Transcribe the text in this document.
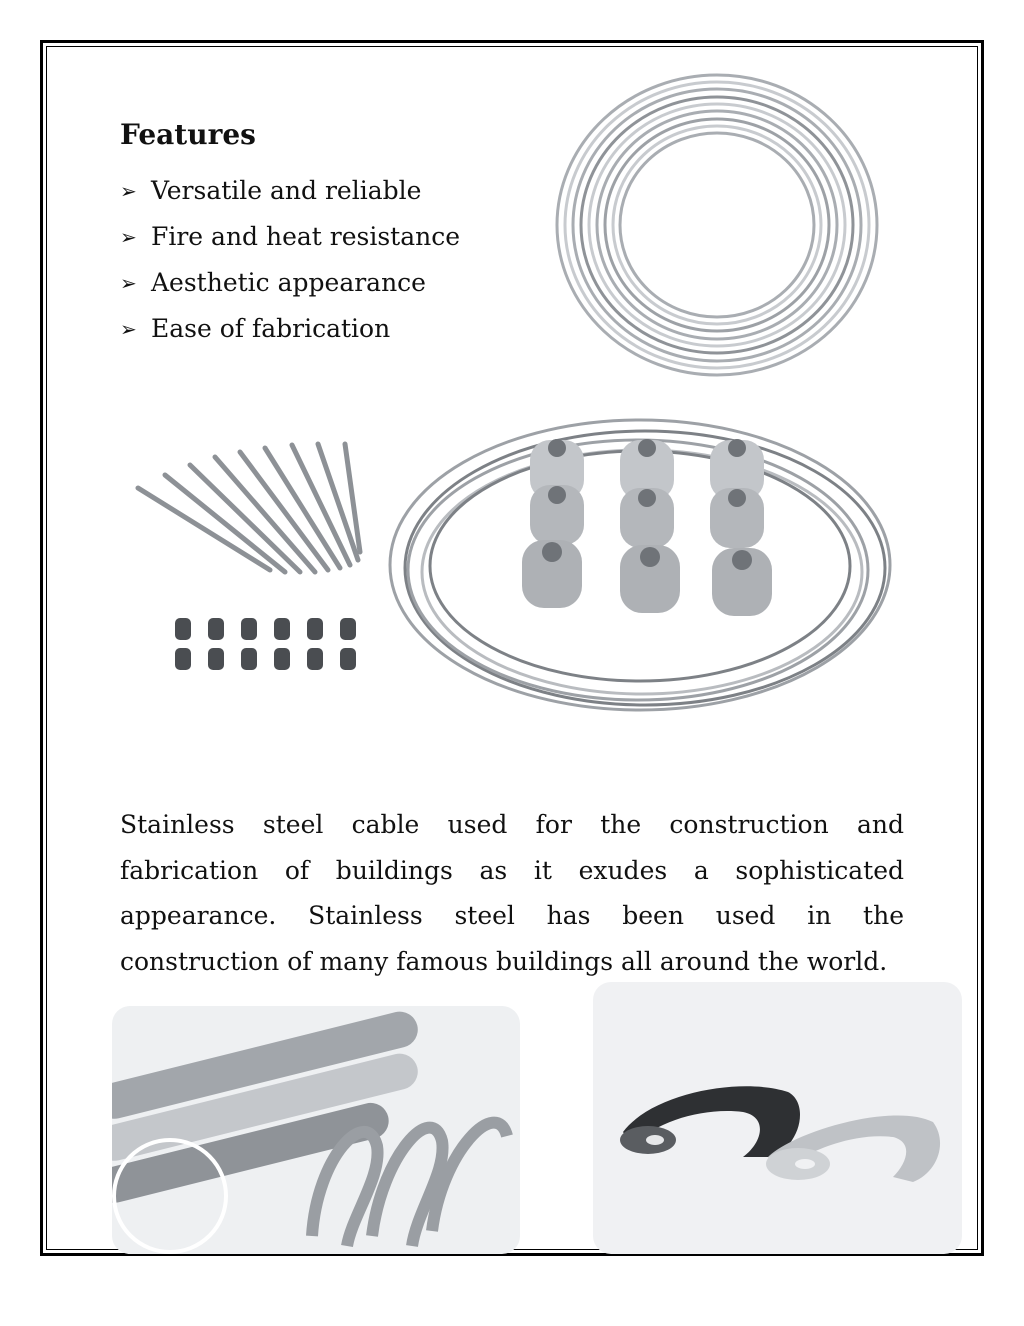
Features
➢ Versatile and reliable
➢ Fire and heat resistance
➢ Aesthetic appearance
➢ Ease of fabrication

Stainless steel cable used for the construction and fabrication of buildings as it exudes a sophisticated appearance. Stainless steel has been used in the construction of many famous buildings all around the world.
